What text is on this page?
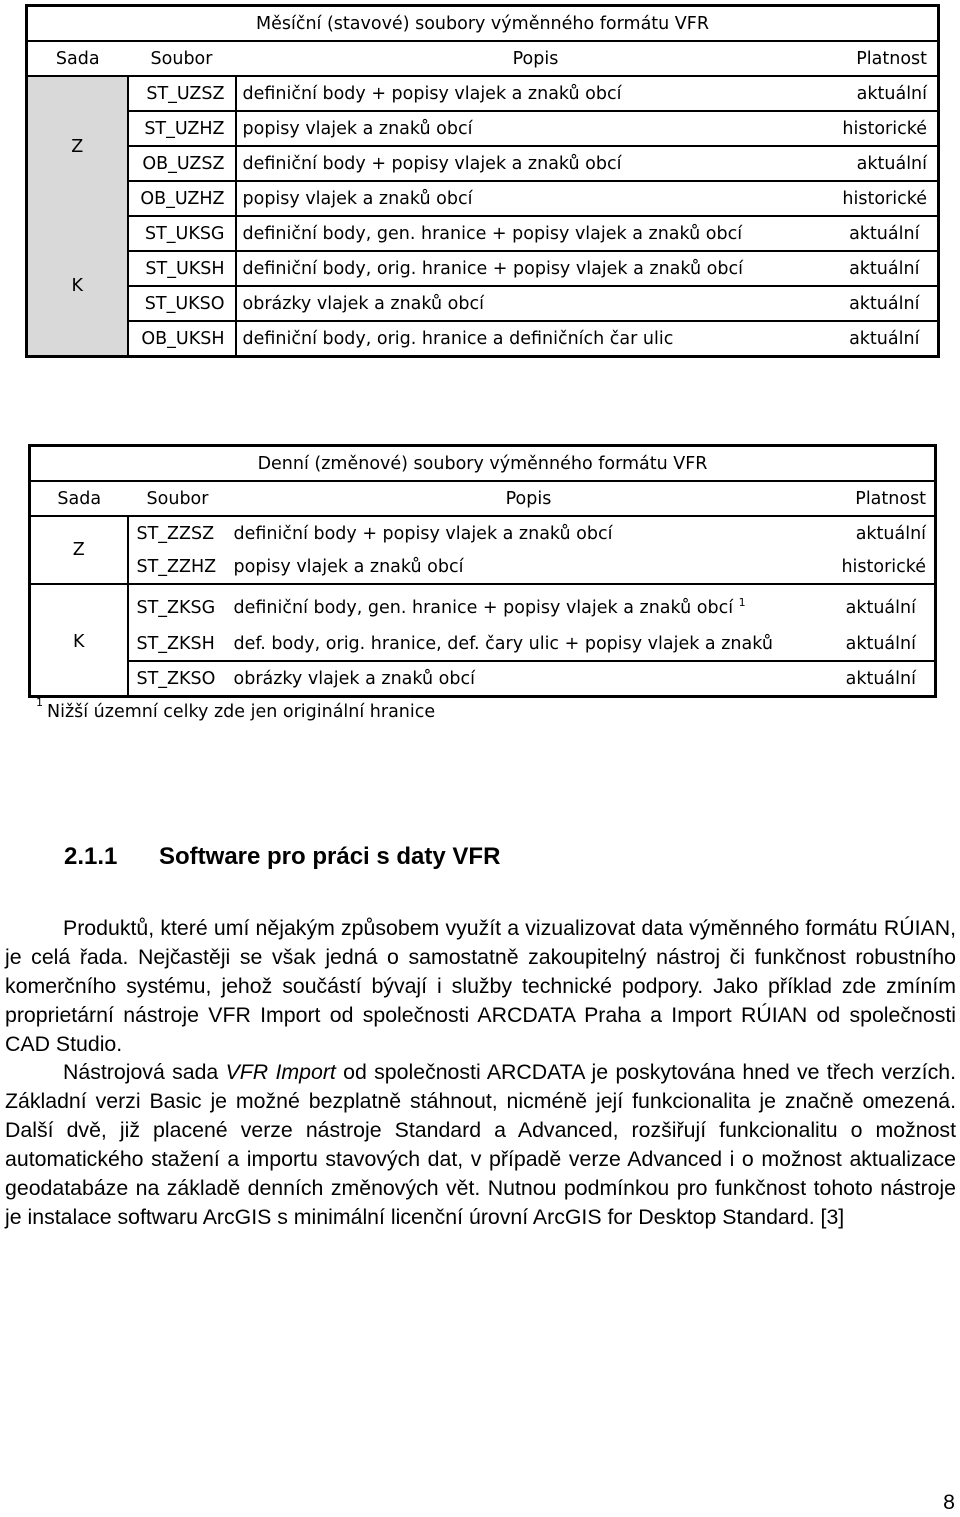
Měsíční (stavové) soubory výměnného formátu VFR			
Sada	Soubor	Popis	Platnost
Z	ST_UZSZ	definiční body + popisy vlajek a znaků obcí	aktuální
	ST_UZHZ	popisy vlajek a znaků obcí	historické
	OB_UZSZ	definiční body + popisy vlajek a znaků obcí	aktuální
	OB_UZHZ	popisy vlajek a znaků obcí	historické
K	ST_UKSG	definiční body, gen. hranice + popisy vlajek a znaků obcí	aktuální
	ST_UKSH	definiční body, orig. hranice + popisy vlajek a znaků obcí	aktuální
	ST_UKSO	obrázky vlajek a znaků obcí	aktuální
	OB_UKSH	definiční body, orig. hranice a definičních čar ulic	aktuální
Denní (změnové) soubory výměnného formátu VFR			
Sada	Soubor	Popis	Platnost
Z	ST_ZZSZ	definiční body + popisy vlajek a znaků obcí	aktuální
	ST_ZZHZ	popisy vlajek a znaků obcí	historické
K	ST_ZKSG	definiční body, gen. hranice + popisy vlajek a znaků obcí $^1$	aktuální
	ST_ZKSH	def. body, orig. hranice, def. čary ulic + popisy vlajek a znaků	aktuální
	ST_ZKSO	obrázky vlajek a znaků obcí	aktuální
$^1$ Nižší územní celky zde jen originální hranice
2.1.1 Software pro práci s daty VFR

Produktů, které umí nějakým způsobem využít a vizualizovat data výměnného formátu RÚIAN, je celá řada. Nejčastěji se však jedná o samostatně zakoupitelný nástroj či funkčnost robustního komerčního systému, jehož součástí bývají i služby technické podpory. Jako příklad zde zmíním proprietární nástroje VFR Import od společnosti ARCDATA Praha a Import RÚIAN od společnosti CAD Studio.

Nástrojová sada VFR Import od společnosti ARCDATA je poskytována hned ve třech verzích. Základní verzi Basic je možné bezplatně stáhnout, nicméně její funkcionalita je značně omezená. Další dvě, již placené verze nástroje Standard a Advanced, rozšiřují funkcionalitu o možnost automatického stažení a importu stavových dat, v případě verze Advanced i o možnost aktualizace geodatabáze na základě denních změnových vět. Nutnou podmínkou pro funkčnost tohoto nástroje je instalace softwaru ArcGIS s minimální licenční úrovní ArcGIS for Desktop Standard. [3]

8
